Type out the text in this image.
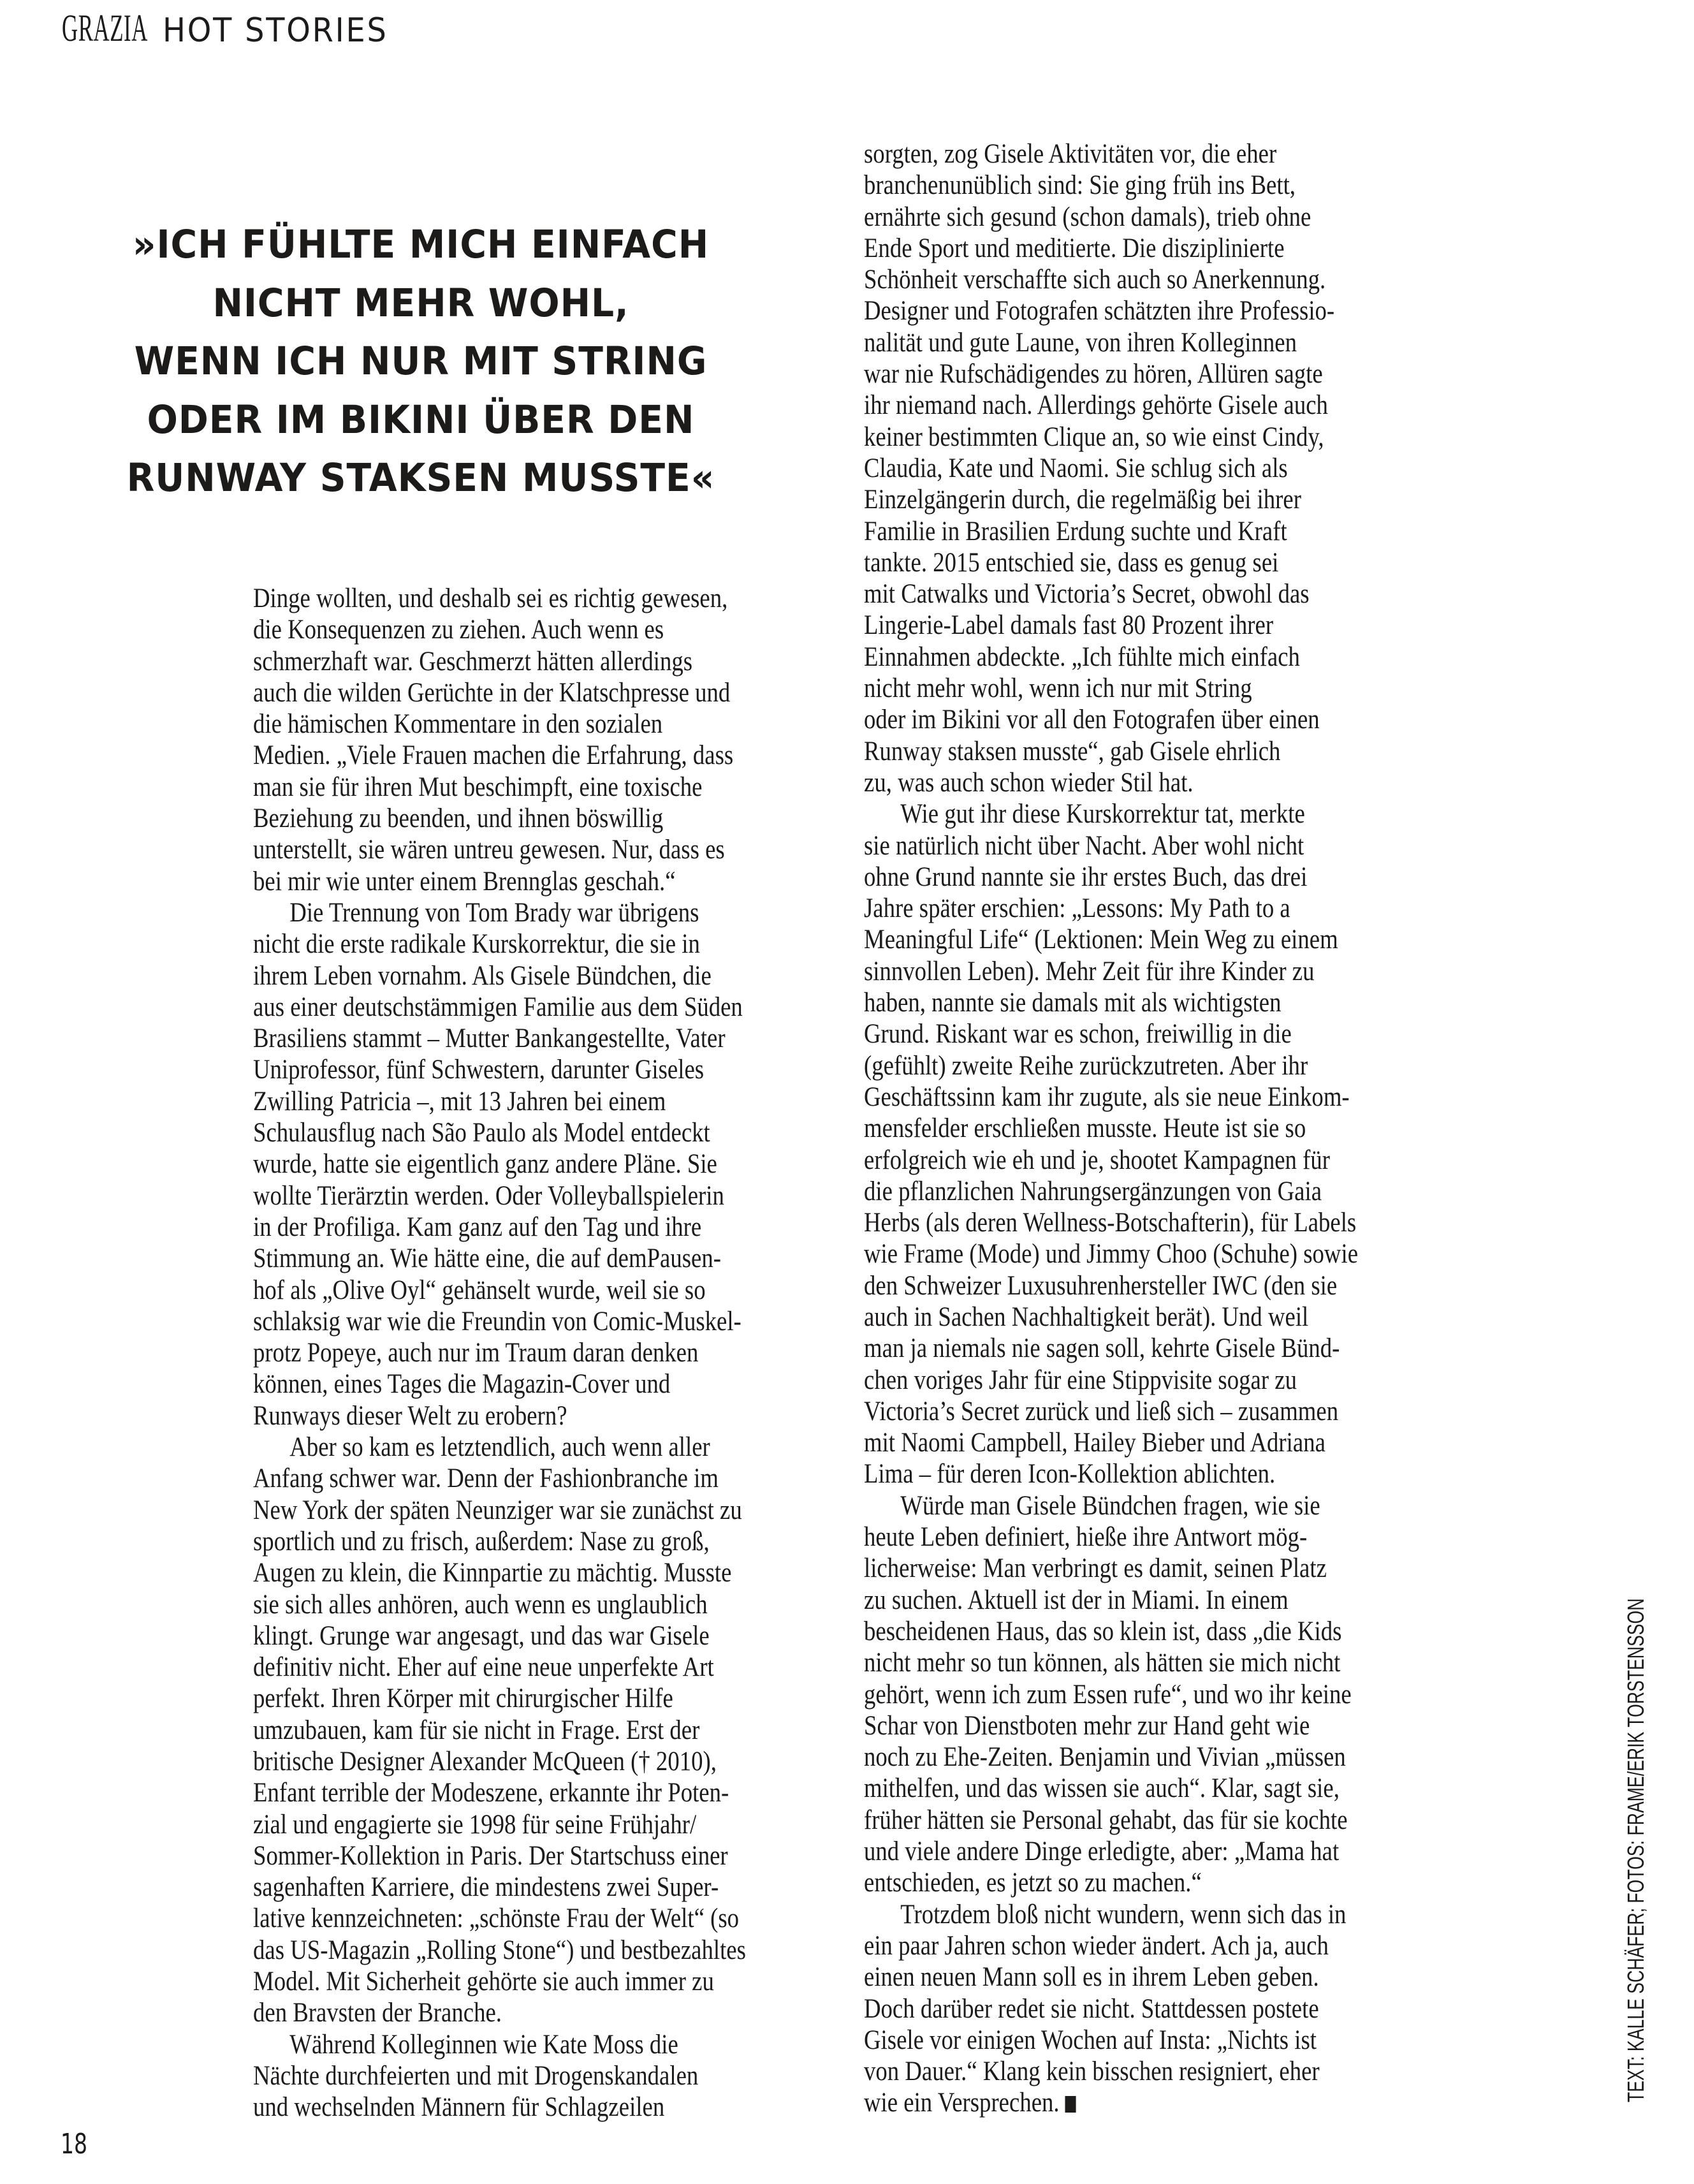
GRAZIA HOT STORIES
»ICH FÜHLTE MICH EINFACH
NICHT MEHR WOHL,
WENN ICH NUR MIT STRING
ODER IM BIKINI ÜBER DEN
RUNWAY STAKSEN MUSSTE«
Dinge wollten, und deshalb sei es richtig gewesen,
die Konsequenzen zu ziehen. Auch wenn es
schmerzhaft war. Geschmerzt hätten allerdings
auch die wilden Gerüchte in der Klatschpresse und
die hämischen Kommentare in den sozialen
Medien. „Viele Frauen machen die Erfahrung, dass
man sie für ihren Mut beschimpft, eine toxische
Beziehung zu beenden, und ihnen böswillig
unterstellt, sie wären untreu gewesen. Nur, dass es
bei mir wie unter einem Brennglas geschah.“
Die Trennung von Tom Brady war übrigens
nicht die erste radikale Kurskorrektur, die sie in
ihrem Leben vornahm. Als Gisele Bündchen, die
aus einer deutschstämmigen Familie aus dem Süden
Brasiliens stammt – Mutter Bankangestellte, Vater
Uniprofessor, fünf Schwestern, darunter Giseles
Zwilling Patricia –, mit 13 Jahren bei einem
Schulausflug nach São Paulo als Model entdeckt
wurde, hatte sie eigentlich ganz andere Pläne. Sie
wollte Tierärztin werden. Oder Volleyballspielerin
in der Profiliga. Kam ganz auf den Tag und ihre
Stimmung an. Wie hätte eine, die auf demPausen-
hof als „Olive Oyl“ gehänselt wurde, weil sie so
schlaksig war wie die Freundin von Comic-Muskel-
protz Popeye, auch nur im Traum daran denken
können, eines Tages die Magazin-Cover und
Runways dieser Welt zu erobern?
Aber so kam es letztendlich, auch wenn aller
Anfang schwer war. Denn der Fashionbranche im
New York der späten Neunziger war sie zunächst zu
sportlich und zu frisch, außerdem: Nase zu groß,
Augen zu klein, die Kinnpartie zu mächtig. Musste
sie sich alles anhören, auch wenn es unglaublich
klingt. Grunge war angesagt, und das war Gisele
definitiv nicht. Eher auf eine neue unperfekte Art
perfekt. Ihren Körper mit chirurgischer Hilfe
umzubauen, kam für sie nicht in Frage. Erst der
britische Designer Alexander McQueen († 2010),
Enfant terrible der Modeszene, erkannte ihr Poten-
zial und engagierte sie 1998 für seine Frühjahr/
Sommer-Kollektion in Paris. Der Startschuss einer
sagenhaften Karriere, die mindestens zwei Super-
lative kennzeichneten: „schönste Frau der Welt“ (so
das US-Magazin „Rolling Stone“) und bestbezahltes
Model. Mit Sicherheit gehörte sie auch immer zu
den Bravsten der Branche.
Während Kolleginnen wie Kate Moss die
Nächte durchfeierten und mit Drogenskandalen
und wechselnden Männern für Schlagzeilen
sorgten, zog Gisele Aktivitäten vor, die eher
branchenunüblich sind: Sie ging früh ins Bett,
ernährte sich gesund (schon damals), trieb ohne
Ende Sport und meditierte. Die disziplinierte
Schönheit verschaffte sich auch so Anerkennung.
Designer und Fotografen schätzten ihre Professio-
nalität und gute Laune, von ihren Kolleginnen
war nie Rufschädigendes zu hören, Allüren sagte
ihr niemand nach. Allerdings gehörte Gisele auch
keiner bestimmten Clique an, so wie einst Cindy,
Claudia, Kate und Naomi. Sie schlug sich als
Einzelgängerin durch, die regelmäßig bei ihrer
Familie in Brasilien Erdung suchte und Kraft
tankte. 2015 entschied sie, dass es genug sei
mit Catwalks und Victoria’s Secret, obwohl das
Lingerie-Label damals fast 80 Prozent ihrer
Einnahmen abdeckte. „Ich fühlte mich einfach
nicht mehr wohl, wenn ich nur mit String
oder im Bikini vor all den Fotografen über einen
Runway staksen musste“, gab Gisele ehrlich
zu, was auch schon wieder Stil hat.
Wie gut ihr diese Kurskorrektur tat, merkte
sie natürlich nicht über Nacht. Aber wohl nicht
ohne Grund nannte sie ihr erstes Buch, das drei
Jahre später erschien: „Lessons: My Path to a
Meaningful Life“ (Lektionen: Mein Weg zu einem
sinnvollen Leben). Mehr Zeit für ihre Kinder zu
haben, nannte sie damals mit als wichtigsten
Grund. Riskant war es schon, freiwillig in die
(gefühlt) zweite Reihe zurückzutreten. Aber ihr
Geschäftssinn kam ihr zugute, als sie neue Einkom-
mensfelder erschließen musste. Heute ist sie so
erfolgreich wie eh und je, shootet Kampagnen für
die pflanzlichen Nahrungsergänzungen von Gaia
Herbs (als deren Wellness-Botschafterin), für Labels
wie Frame (Mode) und Jimmy Choo (Schuhe) sowie
den Schweizer Luxusuhrenhersteller IWC (den sie
auch in Sachen Nachhaltigkeit berät). Und weil
man ja niemals nie sagen soll, kehrte Gisele Bünd-
chen voriges Jahr für eine Stippvisite sogar zu
Victoria’s Secret zurück und ließ sich – zusammen
mit Naomi Campbell, Hailey Bieber und Adriana
Lima – für deren Icon-Kollektion ablichten.
Würde man Gisele Bündchen fragen, wie sie
heute Leben definiert, hieße ihre Antwort mög-
licherweise: Man verbringt es damit, seinen Platz
zu suchen. Aktuell ist der in Miami. In einem
bescheidenen Haus, das so klein ist, dass „die Kids
nicht mehr so tun können, als hätten sie mich nicht
gehört, wenn ich zum Essen rufe“, und wo ihr keine
Schar von Dienstboten mehr zur Hand geht wie
noch zu Ehe-Zeiten. Benjamin und Vivian „müssen
mithelfen, und das wissen sie auch“. Klar, sagt sie,
früher hätten sie Personal gehabt, das für sie kochte
und viele andere Dinge erledigte, aber: „Mama hat
entschieden, es jetzt so zu machen.“
Trotzdem bloß nicht wundern, wenn sich das in
ein paar Jahren schon wieder ändert. Ach ja, auch
einen neuen Mann soll es in ihrem Leben geben.
Doch darüber redet sie nicht. Stattdessen postete
Gisele vor einigen Wochen auf Insta: „Nichts ist
von Dauer.“ Klang kein bisschen resigniert, eher
wie ein Versprechen.
18
TEXT: KALLE SCHÄFER; FOTOS: FRAME/ERIK TORSTENSSON
